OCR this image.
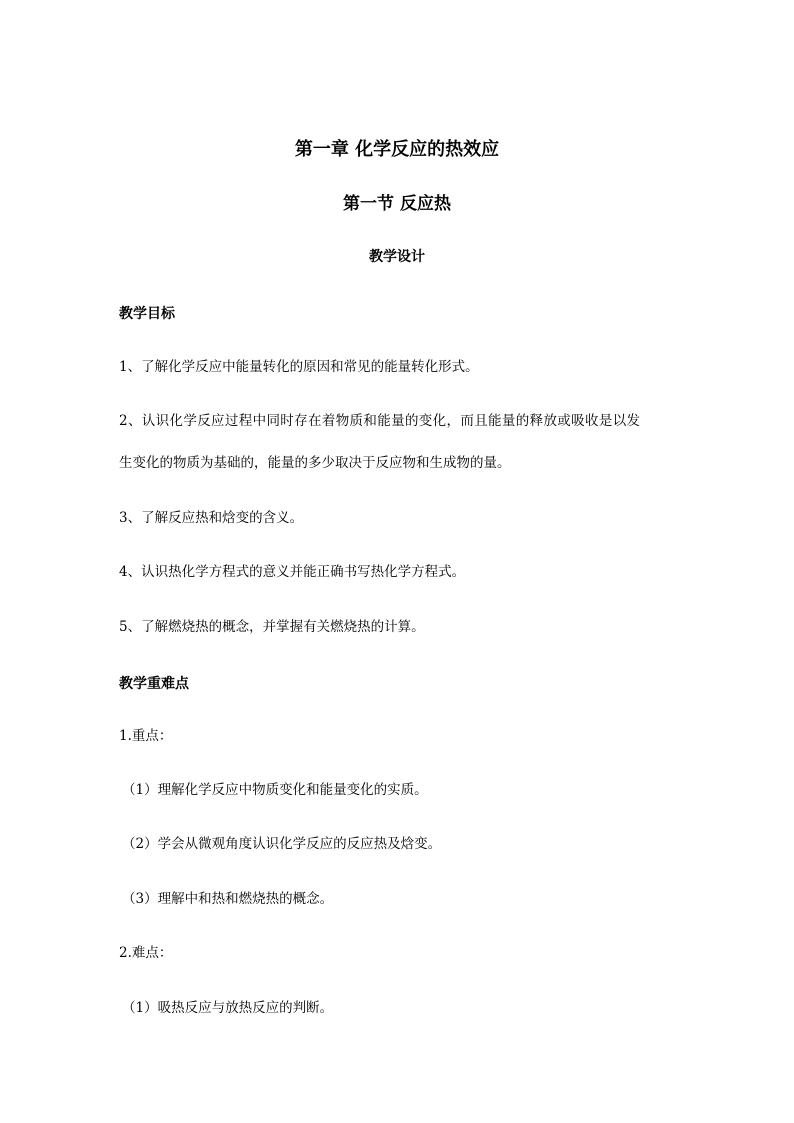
第一章 化学反应的热效应
第一节 反应热
教学设计
教学目标
1、了解化学反应中能量转化的原因和常见的能量转化形式。
2、认识化学反应过程中同时存在着物质和能量的变化，而且能量的释放或吸收是以发
生变化的物质为基础的，能量的多少取决于反应物和生成物的量。
3、了解反应热和焓变的含义。
4、认识热化学方程式的意义并能正确书写热化学方程式。
5、了解燃烧热的概念，并掌握有关燃烧热的计算。
教学重难点
1.重点：
（1）理解化学反应中物质变化和能量变化的实质。
（2）学会从微观角度认识化学反应的反应热及焓变。
（3）理解中和热和燃烧热的概念。
2.难点：
（1）吸热反应与放热反应的判断。
